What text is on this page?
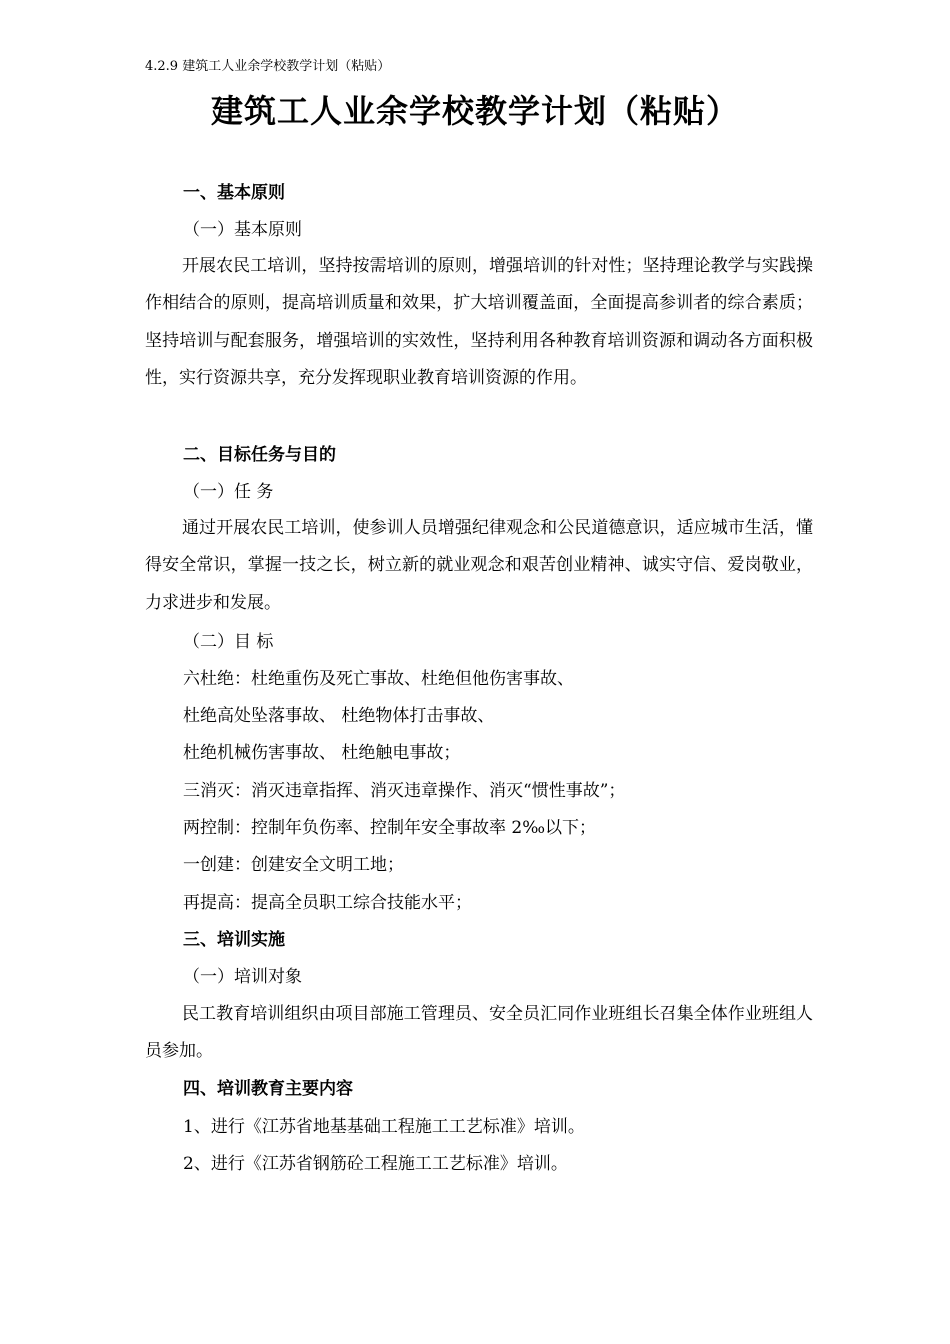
4.2.9 建筑工人业余学校教学计划（粘贴）
建筑工人业余学校教学计划（粘贴）
一、基本原则
（一）基本原则
开展农民工培训，坚持按需培训的原则，增强培训的针对性；坚持理论教学与实践操作相结合的原则，提高培训质量和效果，扩大培训覆盖面，全面提高参训者的综合素质；坚持培训与配套服务，增强培训的实效性，坚持利用各种教育培训资源和调动各方面积极性，实行资源共享，充分发挥现职业教育培训资源的作用。
二、目标任务与目的
（一）任 务
通过开展农民工培训，使参训人员增强纪律观念和公民道德意识，适应城市生活，懂得安全常识，掌握一技之长，树立新的就业观念和艰苦创业精神、诚实守信、爱岗敬业，力求进步和发展。
（二）目 标
六杜绝：杜绝重伤及死亡事故、杜绝但他伤害事故、
杜绝高处坠落事故、 杜绝物体打击事故、
杜绝机械伤害事故、 杜绝触电事故；
三消灭：消灭违章指挥、消灭违章操作、消灭“惯性事故”；
两控制：控制年负伤率、控制年安全事故率 2‰以下；
一创建：创建安全文明工地；
再提高：提高全员职工综合技能水平；
三、培训实施
（一）培训对象
民工教育培训组织由项目部施工管理员、安全员汇同作业班组长召集全体作业班组人员参加。
四、培训教育主要内容
1、进行《江苏省地基基础工程施工工艺标准》培训。
2、进行《江苏省钢筋砼工程施工工艺标准》培训。
